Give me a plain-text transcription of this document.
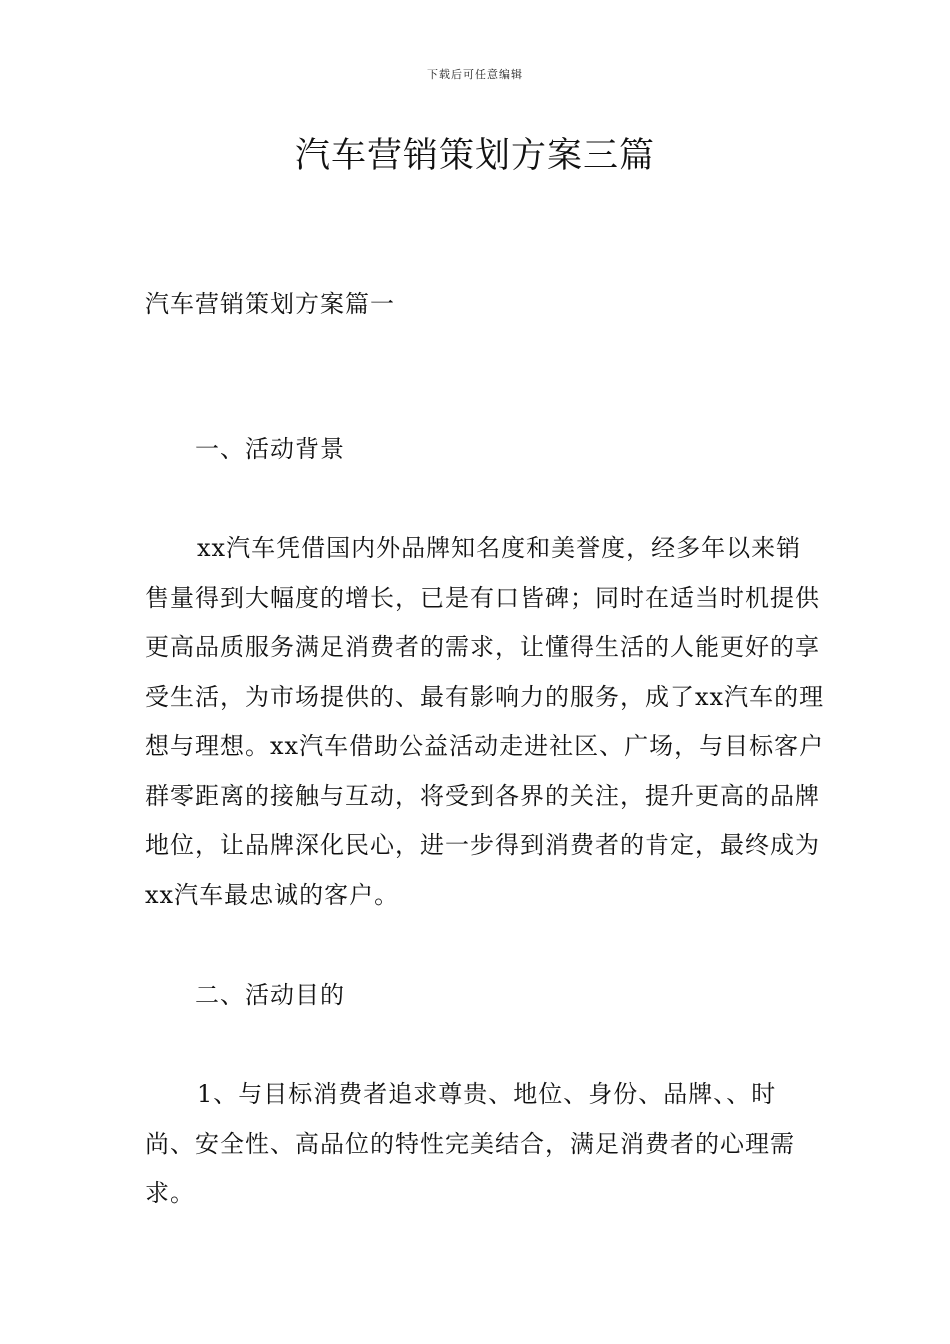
下载后可任意编辑
汽车营销策划方案三篇

汽车营销策划方案篇一

一、活动背景

xx汽车凭借国内外品牌知名度和美誉度，经多年以来销售量得到大幅度的增长，已是有口皆碑；同时在适当时机提供更高品质服务满足消费者的需求，让懂得生活的人能更好的享受生活，为市场提供的、最有影响力的服务，成了xx汽车的理想与理想。xx汽车借助公益活动走进社区、广场，与目标客户群零距离的接触与互动，将受到各界的关注，提升更高的品牌地位，让品牌深化民心，进一步得到消费者的肯定，最终成为xx汽车最忠诚的客户。

二、活动目的

1、与目标消费者追求尊贵、地位、身份、品牌、、时尚、安全性、高品位的特性完美结合，满足消费者的心理需求。
